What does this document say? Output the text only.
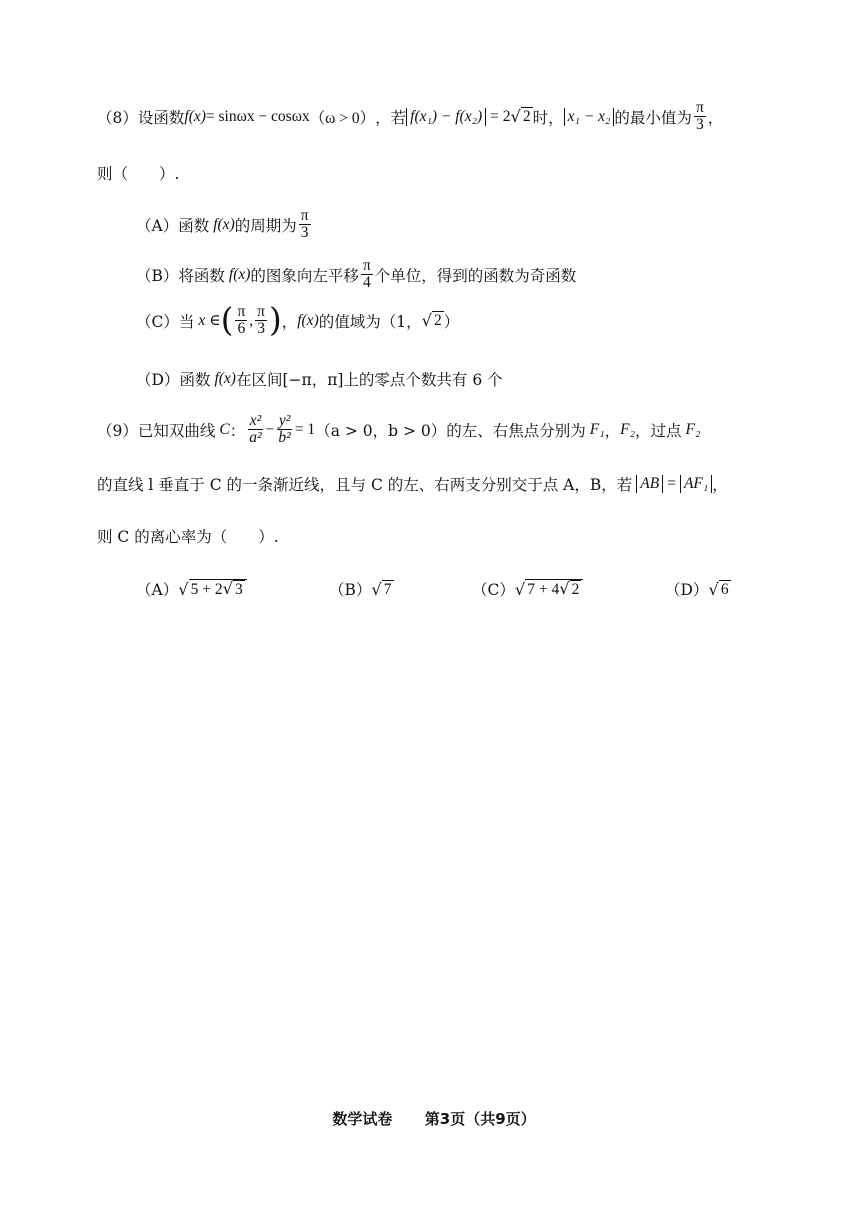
（8） 设函数 f(x) = sinωx − cosωx （ω > 0） ，若 f(x₁) − f(x₂) = 2 √ 2 时， x₁ − x₂ 的最小值为 $\frac{\pi}{3}$ ，
则（　　）.
（A） 函数 f(x) 的周期为 $\frac{\pi}{3}$
（B） 将函数 f(x) 的图象向左平移 $\frac{\pi}{4}$ 个单位，得到的函数为奇函数
（C） 当 x ∈ ( $\frac{\pi}{6}$ , $\frac{\pi}{3}$ ) ， f(x) 的值域为（1， √ 2 ）
（D） 函数 f(x) 在区间[−π，π]上的零点个数共有 6 个
（9） 已知双曲线 C ： $\frac{\text{x²}}{\text{a²}} - \frac{\text{y²}}{\text{b²}} = 1$ （a > 0，b > 0）的左、右焦点分别为 F₁ ， F₂ ，过点 F₂
的直线 l 垂直于 C 的一条渐近线，且与 C 的左、右两支分别交于点 A，B，若 AB = AF₁ ，
则 C 的离心率为（　　）.
（A） √ 5 + 2 √ 3	（B） √ 7	（C） √ 7 + 4 √ 2	（D） √ 6
数学试卷 第3页（共9页）
